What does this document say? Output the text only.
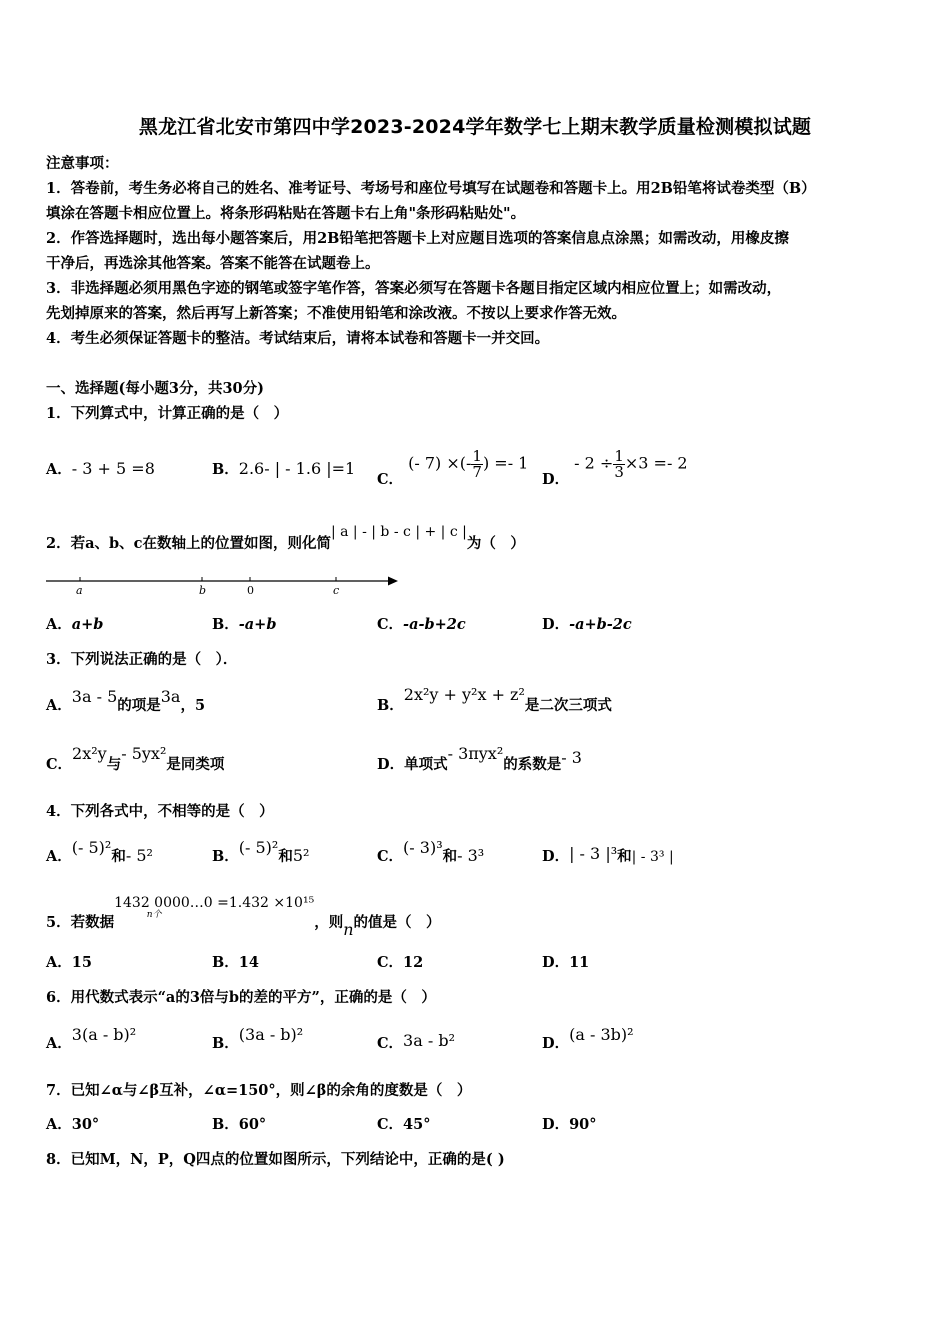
黑龙江省北安市第四中学2023-2024学年数学七上期末教学质量检测模拟试题
注意事项：
1．答卷前，考生务必将自己的姓名、准考证号、考场号和座位号填写在试题卷和答题卡上。用2B铅笔将试卷类型（B）
填涂在答题卡相应位置上。将条形码粘贴在答题卡右上角"条形码粘贴处"。
2．作答选择题时，选出每小题答案后，用2B铅笔把答题卡上对应题目选项的答案信息点涂黑；如需改动，用橡皮擦
干净后，再选涂其他答案。答案不能答在试题卷上。
3．非选择题必须用黑色字迹的钢笔或签字笔作答，答案必须写在答题卡各题目指定区域内相应位置上；如需改动，
先划掉原来的答案，然后再写上新答案；不准使用铅笔和涂改液。不按以上要求作答无效。
4．考生必须保证答题卡的整洁。考试结束后，请将本试卷和答题卡一并交回。
一、选择题(每小题3分，共30分)
1．下列算式中，计算正确的是（　）
A．- 3 + 5 =8	B．2.6- | - 1.6 |=1
C． (- 7) ×(- $\frac{1}{7}$ ) =- 1
D． - $2 \div \frac{1}{3} \times 3 =- 2$
2．若a、b、c在数轴上的位置如图，则化简| a | - | b - c | + | c |为（　）
a	b	0	c
A．a+b	B．-a+b	C．-a-b+2c	D．-a+b-2c
3．下列说法正确的是（　）．
A．3a - 5的项是3a，5	B．2x²y + y²x + z²是二次三项式
C．2x²y与- 5yx²是同类项	D．单项式- 3πyx²的系数是- 3
4．下列各式中，不相等的是（　）
A．(- 5)²和- 5²	B．(- 5)²和5²	C．(- 3)³和- 3³	D．| - 3 |³和| - 3³ |
5．若数据1432 0000…0 =1.432 ×10¹⁵
n个	，则n的值是（　）
A．15	B．14	C．12	D．11
6．用代数式表示“a的3倍与b的差的平方”，正确的是（　）
A．3(a - b)²	B．(3a - b)²	C．3a - b²	D．(a - 3b)²
7．已知∠α与∠β互补，∠α=150°，则∠β的余角的度数是（　）
A．30°	B．60°	C．45°	D．90°
8．已知M，N，P，Q四点的位置如图所示，下列结论中，正确的是( )
